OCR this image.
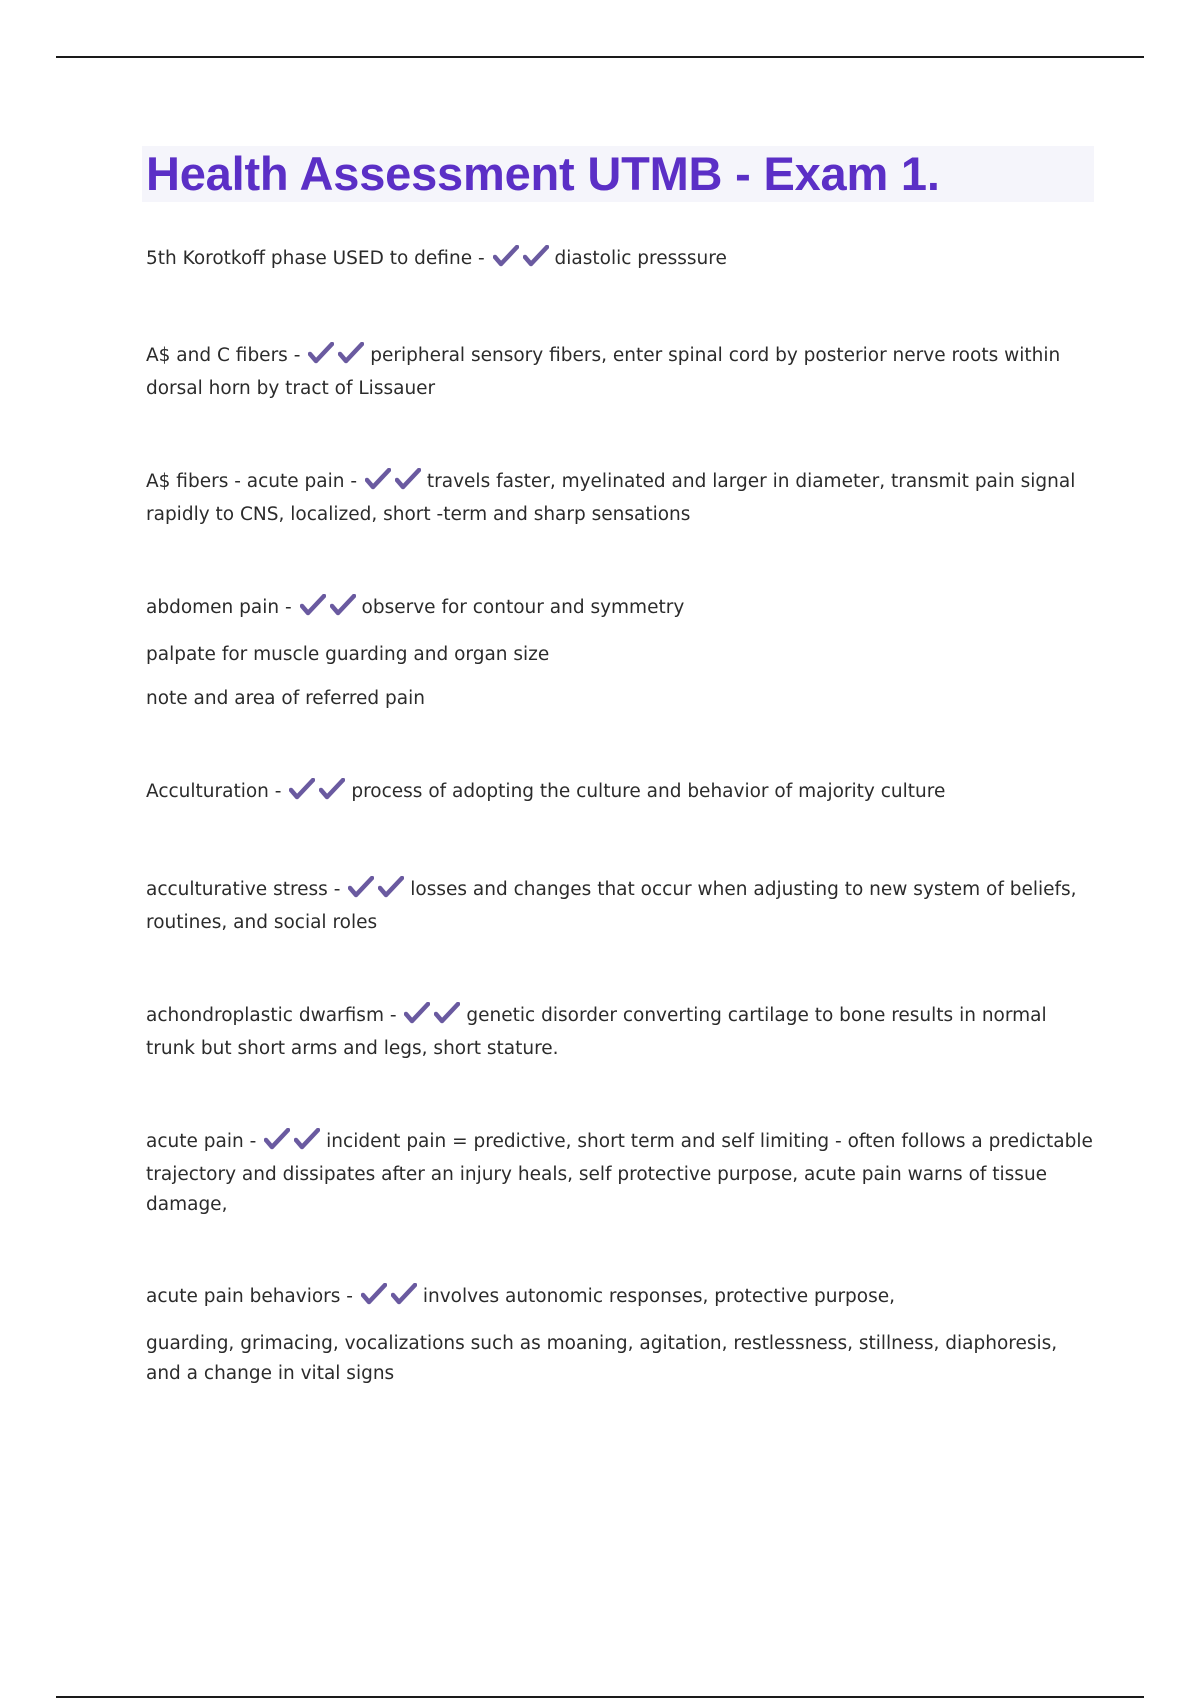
Health Assessment UTMB - Exam 1.

5th Korotkoff phase USED to define -	diastolic presssure

A$ and C fibers -	peripheral sensory fibers, enter spinal cord by posterior nerve roots within dorsal horn by tract of Lissauer

A$ fibers - acute pain -	travels faster, myelinated and larger in diameter, transmit pain signal rapidly to CNS, localized, short -term and sharp sensations

abdomen pain -	observe for contour and symmetry

palpate for muscle guarding and organ size

note and area of referred pain

Acculturation -	process of adopting the culture and behavior of majority culture

acculturative stress -	losses and changes that occur when adjusting to new system of beliefs, routines, and social roles

achondroplastic dwarfism -	genetic disorder converting cartilage to bone results in normal trunk but short arms and legs, short stature.

acute pain -	incident pain = predictive, short term and self limiting - often follows a predictable trajectory and dissipates after an injury heals, self protective purpose, acute pain warns of tissue damage,

acute pain behaviors -	involves autonomic responses, protective purpose,

guarding, grimacing, vocalizations such as moaning, agitation, restlessness, stillness, diaphoresis, and a change in vital signs
